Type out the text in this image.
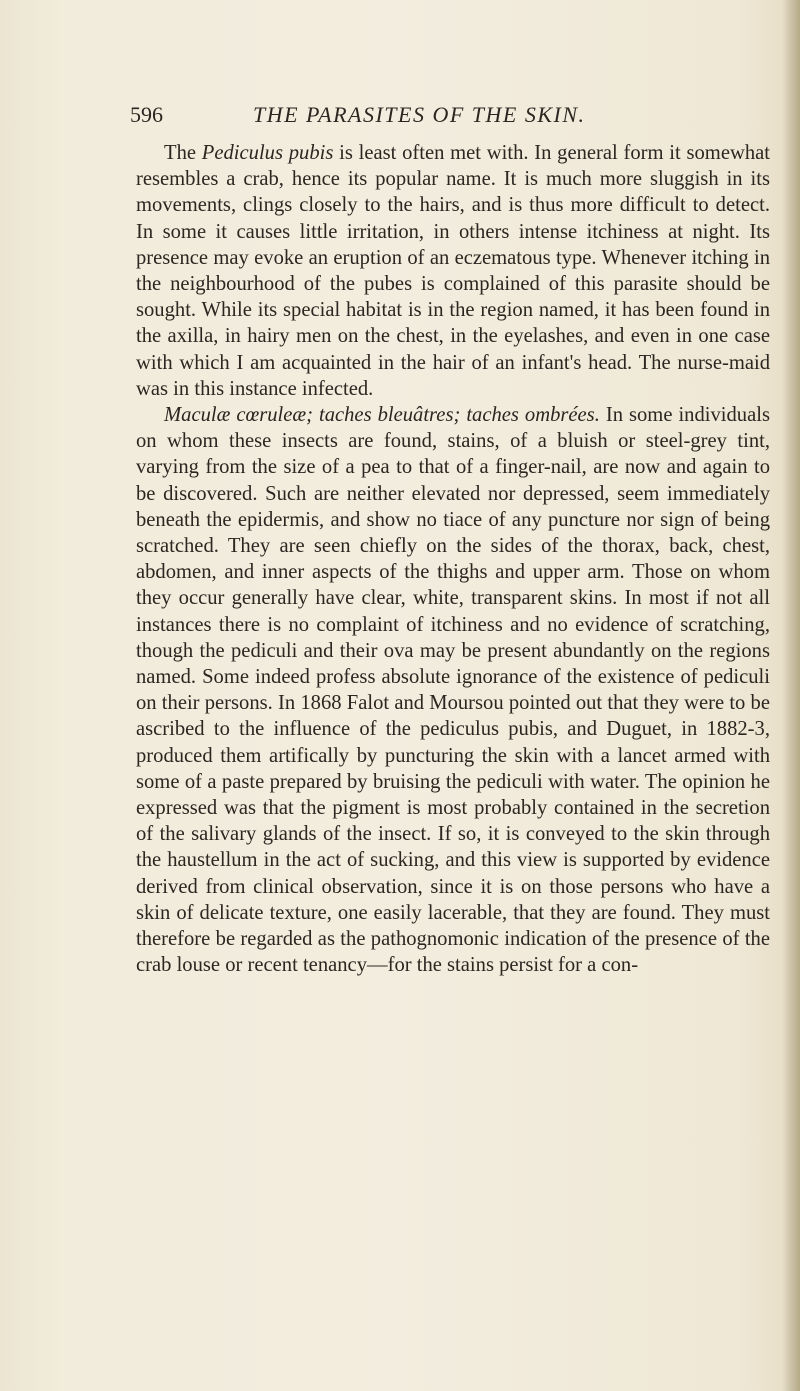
596	THE PARASITES OF THE SKIN.

The Pediculus pubis is least often met with. In general form it somewhat resembles a crab, hence its popular name. It is much more sluggish in its movements, clings closely to the hairs, and is thus more difficult to detect. In some it causes little irritation, in others intense itchiness at night. Its presence may evoke an eruption of an eczematous type. Whenever itching in the neighbourhood of the pubes is complained of this parasite should be sought. While its special habitat is in the region named, it has been found in the axilla, in hairy men on the chest, in the eyelashes, and even in one case with which I am acquainted in the hair of an infant's head. The nurse-maid was in this instance infected.

Maculæ cœruleæ; taches bleuâtres; taches ombrées. In some individuals on whom these insects are found, stains, of a bluish or steel-grey tint, varying from the size of a pea to that of a finger-nail, are now and again to be discovered. Such are neither elevated nor depressed, seem immediately beneath the epidermis, and show no tiace of any puncture nor sign of being scratched. They are seen chiefly on the sides of the thorax, back, chest, abdomen, and inner aspects of the thighs and upper arm. Those on whom they occur generally have clear, white, transparent skins. In most if not all instances there is no complaint of itchiness and no evidence of scratching, though the pediculi and their ova may be present abundantly on the regions named. Some indeed profess absolute ignorance of the existence of pediculi on their persons. In 1868 Falot and Moursou pointed out that they were to be ascribed to the influence of the pediculus pubis, and Duguet, in 1882-3, produced them artifically by puncturing the skin with a lancet armed with some of a paste prepared by bruising the pediculi with water. The opinion he expressed was that the pigment is most probably contained in the secretion of the salivary glands of the insect. If so, it is conveyed to the skin through the haustellum in the act of sucking, and this view is supported by evidence derived from clinical observation, since it is on those persons who have a skin of delicate texture, one easily lacerable, that they are found. They must therefore be regarded as the pathognomonic indication of the presence of the crab louse or recent tenancy—for the stains persist for a con-
